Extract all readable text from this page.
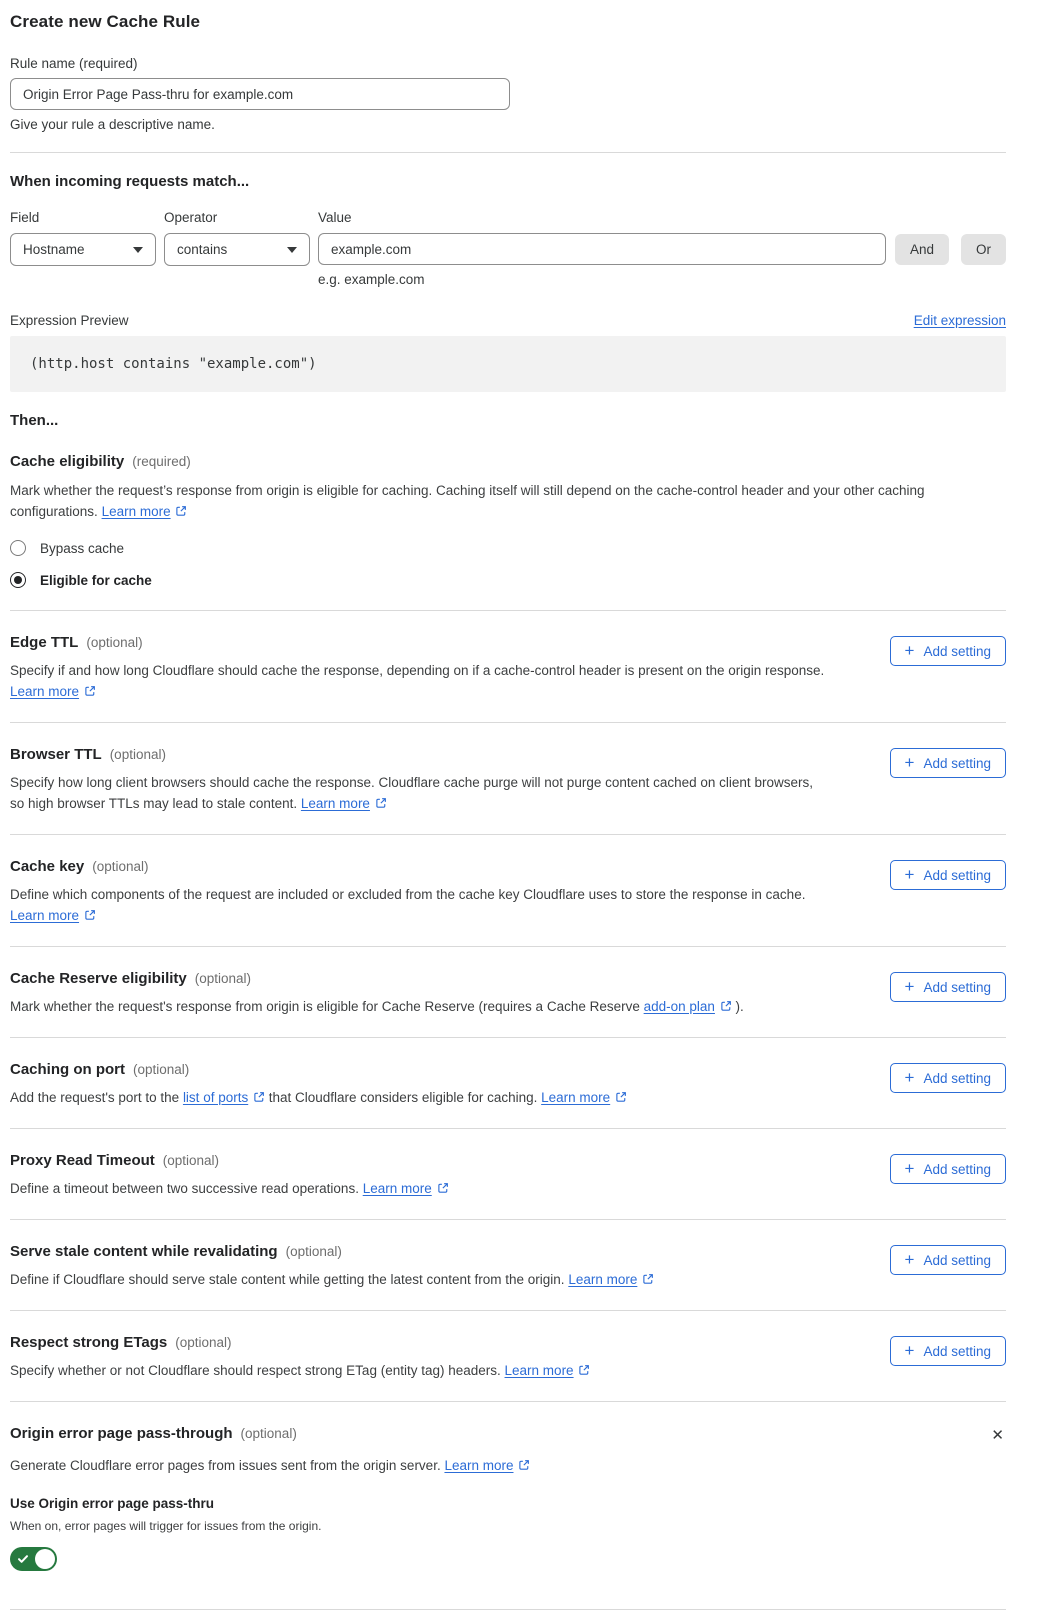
Create new Cache Rule
Rule name (required)
Origin Error Page Pass-thru for example.com
Give your rule a descriptive name.
When incoming requests match...
Field
Hostname
Operator
contains
Value
example.com
e.g. example.com
And	Or
Expression Preview	Edit expression
(http.host contains "example.com")
Then...
Cache eligibility (required)

Mark whether the request’s response from origin is eligible for caching. Caching itself will still depend on the cache-control header and your other caching configurations. Learn more

Bypass cache
Eligible for cache
Edge TTL (optional)

Specify if and how long Cloudflare should cache the response, depending on if a cache-control header is present on the origin response. Learn more

+ Add setting
Browser TTL (optional)

Specify how long client browsers should cache the response. Cloudflare cache purge will not purge content cached on client browsers, so high browser TTLs may lead to stale content. Learn more

+ Add setting
Cache key (optional)

Define which components of the request are included or excluded from the cache key Cloudflare uses to store the response in cache. Learn more

+ Add setting
Cache Reserve eligibility (optional)

Mark whether the request's response from origin is eligible for Cache Reserve (requires a Cache Reserve add-on plan  ).

+ Add setting
Caching on port (optional)

Add the request's port to the list of ports  that Cloudflare considers eligible for caching. Learn more

+ Add setting
Proxy Read Timeout (optional)

Define a timeout between two successive read operations. Learn more

+ Add setting
Serve stale content while revalidating (optional)

Define if Cloudflare should serve stale content while getting the latest content from the origin. Learn more

+ Add setting
Respect strong ETags (optional)

Specify whether or not Cloudflare should respect strong ETag (entity tag) headers. Learn more

+ Add setting
Origin error page pass-through (optional)	✕

Generate Cloudflare error pages from issues sent from the origin server. Learn more

Use Origin error page pass-thru
When on, error pages will trigger for issues from the origin.
